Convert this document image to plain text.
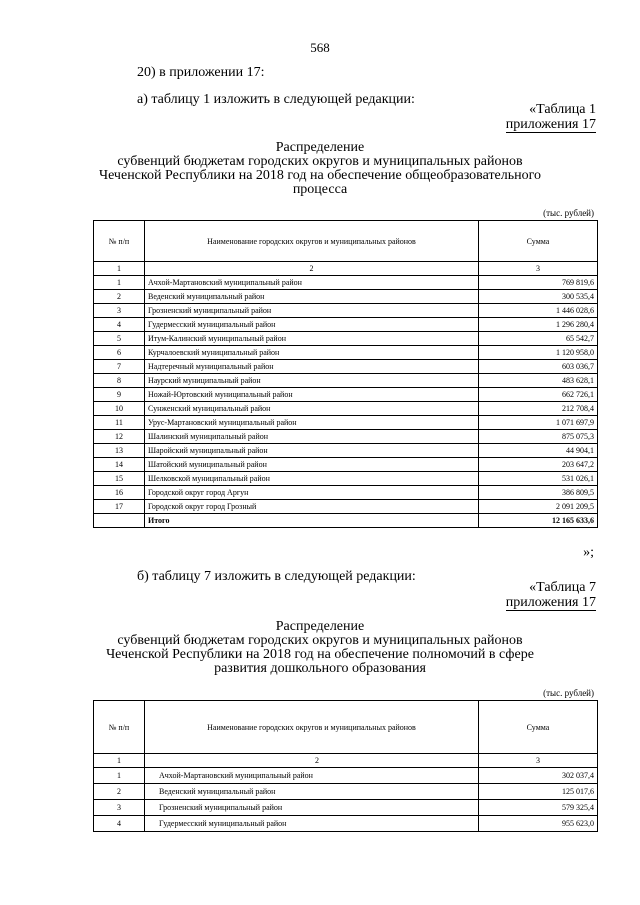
568
20) в приложении 17:
а) таблицу 1 изложить в следующей редакции:
«Таблица 1
приложения 17
Распределение
субвенций бюджетам городских округов и муниципальных районов
Чеченской Республики на 2018 год на обеспечение общеобразовательного
процесса
(тыс. рублей)
№ п/п	Наименование городских округов и муниципальных районов	Сумма
1	2	3
1	Ачхой-Мартановский муниципальный район	769 819,6
2	Веденский муниципальный район	300 535,4
3	Грозненский муниципальный район	1 446 028,6
4	Гудермесский муниципальный район	1 296 280,4
5	Итум-Калинский муниципальный район	65 542,7
6	Курчалоевский муниципальный район	1 120 958,0
7	Надтеречный муниципальный район	603 036,7
8	Наурский муниципальный район	483 628,1
9	Ножай-Юртовский муниципальный район	662 726,1
10	Сунженский муниципальный район	212 708,4
11	Урус-Мартановский муниципальный район	1 071 697,9
12	Шалинский муниципальный район	875 075,3
13	Шаройский муниципальный район	44 904,1
14	Шатойский муниципальный район	203 647,2
15	Шелковской муниципальный район	531 026,1
16	Городской округ город Аргун	386 809,5
17	Городской округ город Грозный	2 091 209,5
	Итого	12 165 633,6
»;
б) таблицу 7 изложить в следующей редакции:
«Таблица 7
приложения 17
Распределение
субвенций бюджетам городских округов и муниципальных районов
Чеченской Республики на 2018 год на обеспечение полномочий в сфере
развития дошкольного образования
(тыс. рублей)
№ п/п	Наименование городских округов и муниципальных районов	Сумма
1	2	3
1	Ачхой-Мартановский муниципальный район	302 037,4
2	Веденский муниципальный район	125 017,6
3	Грозненский муниципальный район	579 325,4
4	Гудермесский муниципальный район	955 623,0
